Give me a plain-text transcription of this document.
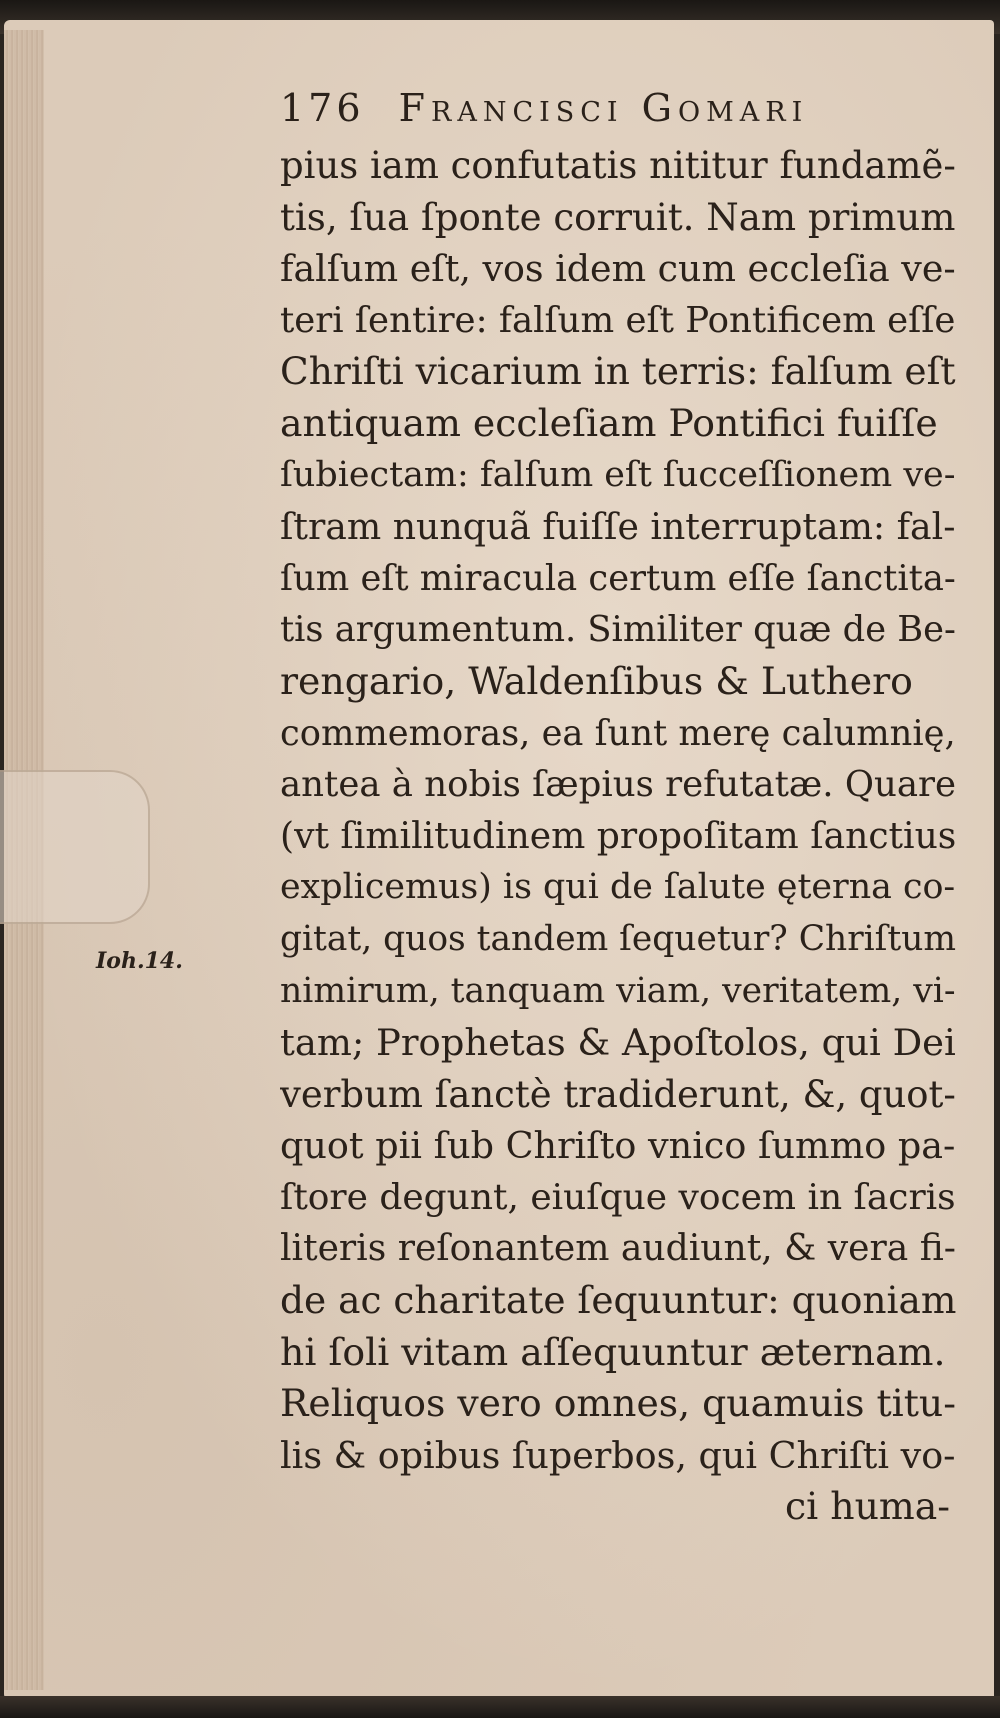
Ioh.14.
176 Francisci Gomari
pius iam confutatis nititur fundamẽ-
tis, ſua ſponte corruit. Nam primum
falſum eſt, vos idem cum eccleſia ve-
teri ſentire: falſum eſt Pontificem eſſe
Chriſti vicarium in terris: falſum eſt
antiquam eccleſiam Pontifici fuiſſe
ſubiectam: falſum eſt ſucceſſionem ve-
ſtram nunquã fuiſſe interruptam: fal-
ſum eſt miracula certum eſſe ſanctita-
tis argumentum. Similiter quæ de Be-
rengario, Waldenſibus & Luthero
commemoras, ea ſunt merę calumnię,
antea à nobis ſæpius refutatæ. Quare
(vt ſimilitudinem propoſitam ſanctius
explicemus) is qui de ſalute ęterna co-
gitat, quos tandem ſequetur? Chriſtum
nimirum, tanquam viam, veritatem, vi-
tam; Prophetas & Apoſtolos, qui Dei
verbum ſanctè tradiderunt, &, quot-
quot pii ſub Chriſto vnico ſummo pa-
ſtore degunt, eiuſque vocem in ſacris
literis reſonantem audiunt, & vera fi-
de ac charitate ſequuntur: quoniam
hi ſoli vitam aſſequuntur æternam.
Reliquos vero omnes, quamuis titu-
lis & opibus ſuperbos, qui Chriſti vo-
ci huma-
